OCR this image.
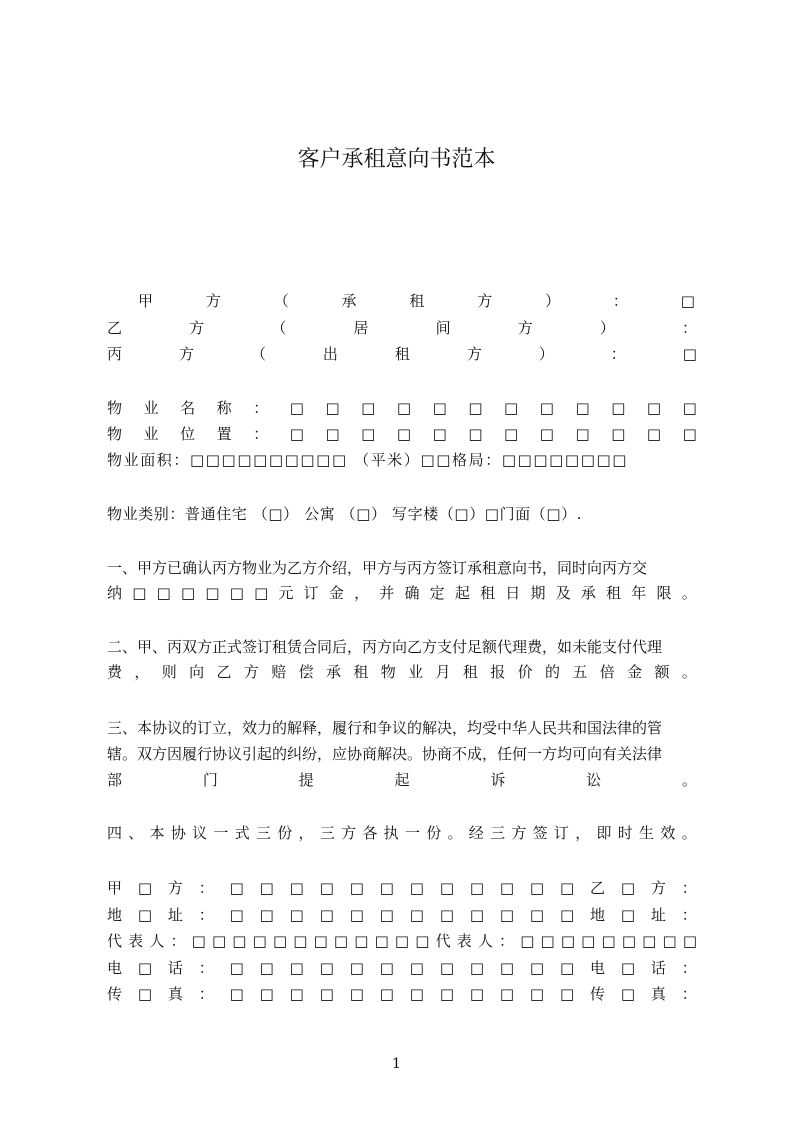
客户承租意向书范本
甲	方	（	承	租	方	）	：	□
乙	方	（	居	间	方	）	：
丙	方	（	出	租	方	）	：	□
物 业 名 称 ： □ □ □ □ □ □ □ □ □ □ □ □
物 业 位 置 ： □ □ □ □ □ □ □ □ □ □ □ □
物业面积：□□□□□□□□□□ （平米）□□格局：□□□□□□□□
物业类别：普通住宅 （□） 公寓 （□） 写字楼（□）□门面（□）.
一、甲方已确认丙方物业为乙方介绍，甲方与丙方签订承租意向书，同时向丙方交
纳 □ □ □ □ □ □ 元 订 金 ， 并 确 定 起 租 日 期 及 承 租 年 限 。
二、甲、丙双方正式签订租赁合同后，丙方向乙方支付足额代理费，如未能支付代理
费 ， 则 向 乙 方 赔 偿 承 租 物 业 月 租 报 价 的 五 倍 金 额 。
三、本协议的订立，效力的解释，履行和争议的解决，均受中华人民共和国法律的管
辖。双方因履行协议引起的纠纷，应协商解决。协商不成，任何一方均可向有关法律
部	门	提	起	诉	讼	。
四 、 本 协 议 一 式 三 份 ， 三 方 各 执 一 份 。 经 三 方 签 订 ， 即 时 生 效 。
甲 □ 方 ： □ □ □ □ □ □ □ □ □ □ □ □ 乙 □ 方 ：
地 □ 址 ： □ □ □ □ □ □ □ □ □ □ □ □ 地 □ 址 ：
代 表 人 ： □ □ □ □ □ □ □ □ □ □ □ □ 代 表 人 ： □ □ □ □ □ □ □ □ □
电 □ 话 ： □ □ □ □ □ □ □ □ □ □ □ □ 电 □ 话 ：
传 □ 真 ： □ □ □ □ □ □ □ □ □ □ □ □ 传 □ 真 ：
1
